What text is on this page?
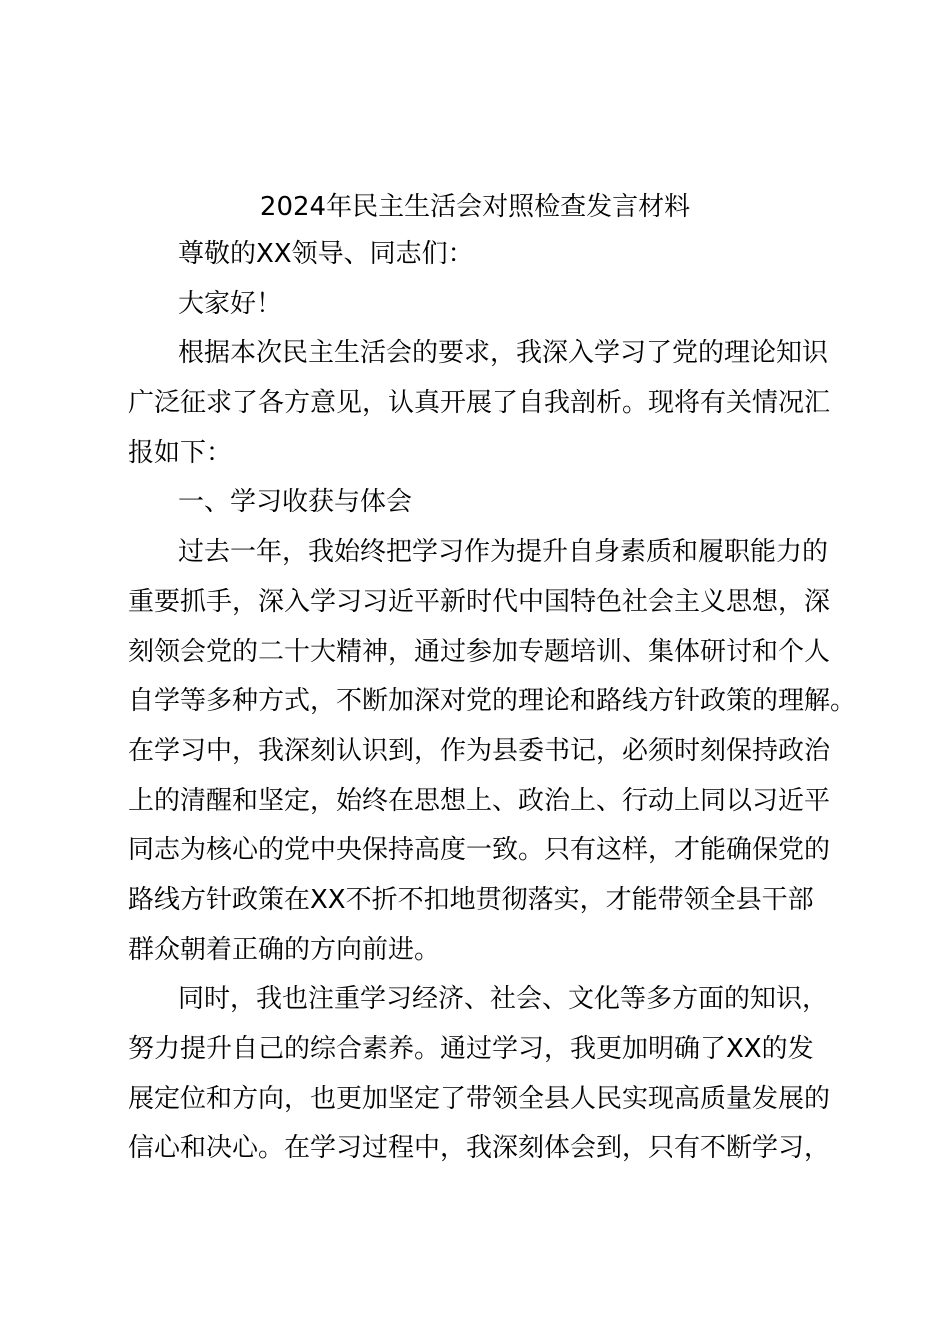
2024年民主生活会对照检查发言材料
尊敬的XX领导、同志们：
大家好！
根据本次民主生活会的要求，我深入学习了党的理论知识
广泛征求了各方意见，认真开展了自我剖析。现将有关情况汇
报如下：
一、学习收获与体会
过去一年，我始终把学习作为提升自身素质和履职能力的
重要抓手，深入学习习近平新时代中国特色社会主义思想，深
刻领会党的二十大精神，通过参加专题培训、集体研讨和个人
自学等多种方式，不断加深对党的理论和路线方针政策的理解。
在学习中，我深刻认识到，作为县委书记，必须时刻保持政治
上的清醒和坚定，始终在思想上、政治上、行动上同以习近平
同志为核心的党中央保持高度一致。只有这样，才能确保党的
路线方针政策在XX不折不扣地贯彻落实，才能带领全县干部
群众朝着正确的方向前进。
同时，我也注重学习经济、社会、文化等多方面的知识，
努力提升自己的综合素养。通过学习，我更加明确了XX的发
展定位和方向，也更加坚定了带领全县人民实现高质量发展的
信心和决心。在学习过程中，我深刻体会到，只有不断学习，
